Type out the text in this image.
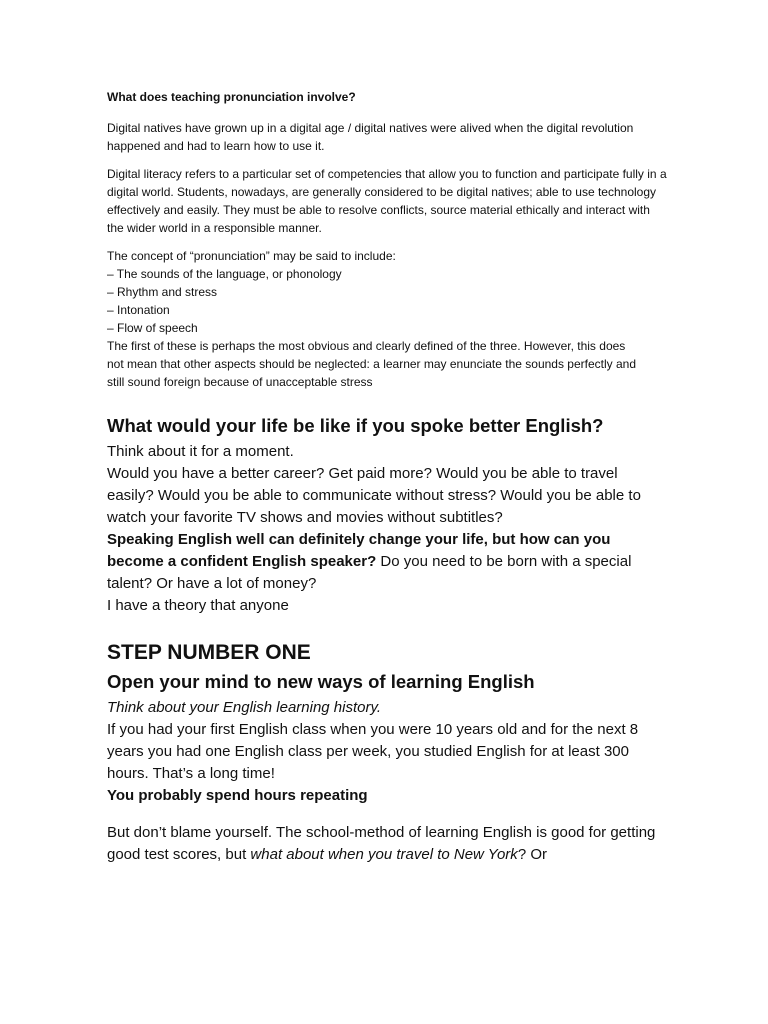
What does teaching pronunciation involve?

Digital natives have grown up in a digital age / digital natives were alived when the digital revolution happened and had to learn how to use it.

Digital literacy refers to a particular set of competencies that allow you to function and participate fully in a digital world. Students, nowadays, are generally considered to be digital natives; able to use technology effectively and easily. They must be able to resolve conflicts, source material ethically and interact with the wider world in a responsible manner.

The concept of “pronunciation” may be said to include:

– The sounds of the language, or phonology
– Rhythm and stress
– Intonation
– Flow of speech

The first of these is perhaps the most obvious and clearly defined of the three. However, this does

not mean that other aspects should be neglected: a learner may enunciate the sounds perfectly and

still sound foreign because of unacceptable stress

What would your life be like if you spoke better English?

Think about it for a moment.

Would you have a better career? Get paid more? Would you be able to travel easily? Would you be able to communicate without stress? Would you be able to watch your favorite TV shows and movies without subtitles?

Speaking English well can definitely change your life, but how can you become a confident English speaker? Do you need to be born with a special talent? Or have a lot of money?

I have a theory that anyone

STEP NUMBER ONE
Open your mind to new ways of learning English

Think about your English learning history.

If you had your first English class when you were 10 years old and for the next 8 years you had one English class per week, you studied English for at least 300 hours. That’s a long time!

You probably spend hours repeating

But don’t blame yourself. The school-method of learning English is good for getting good test scores, but what about when you travel to New York? Or
